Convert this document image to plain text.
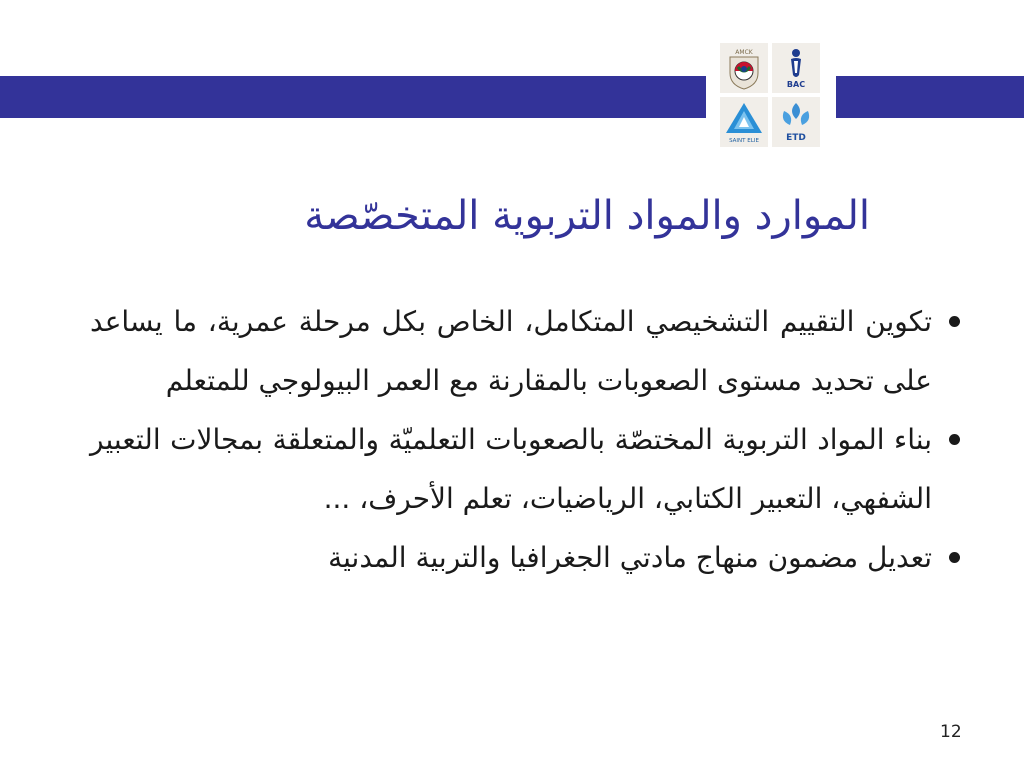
AMCK
BAC
SAINT ELIE	ETD
الموارد والمواد التربوية المتخصّصة
تكوين التقييم التشخيصي المتكامل، الخاص بكل مرحلة عمرية، ما يساعد على تحديد مستوى الصعوبات بالمقارنة مع العمر البيولوجي للمتعلم
بناء المواد التربوية المختصّة بالصعوبات التعلميّة والمتعلقة بمجالات التعبير الشفهي، التعبير الكتابي، الرياضيات، تعلم الأحرف، ...
تعديل مضمون منهاج مادتي الجغرافيا والتربية المدنية
12
